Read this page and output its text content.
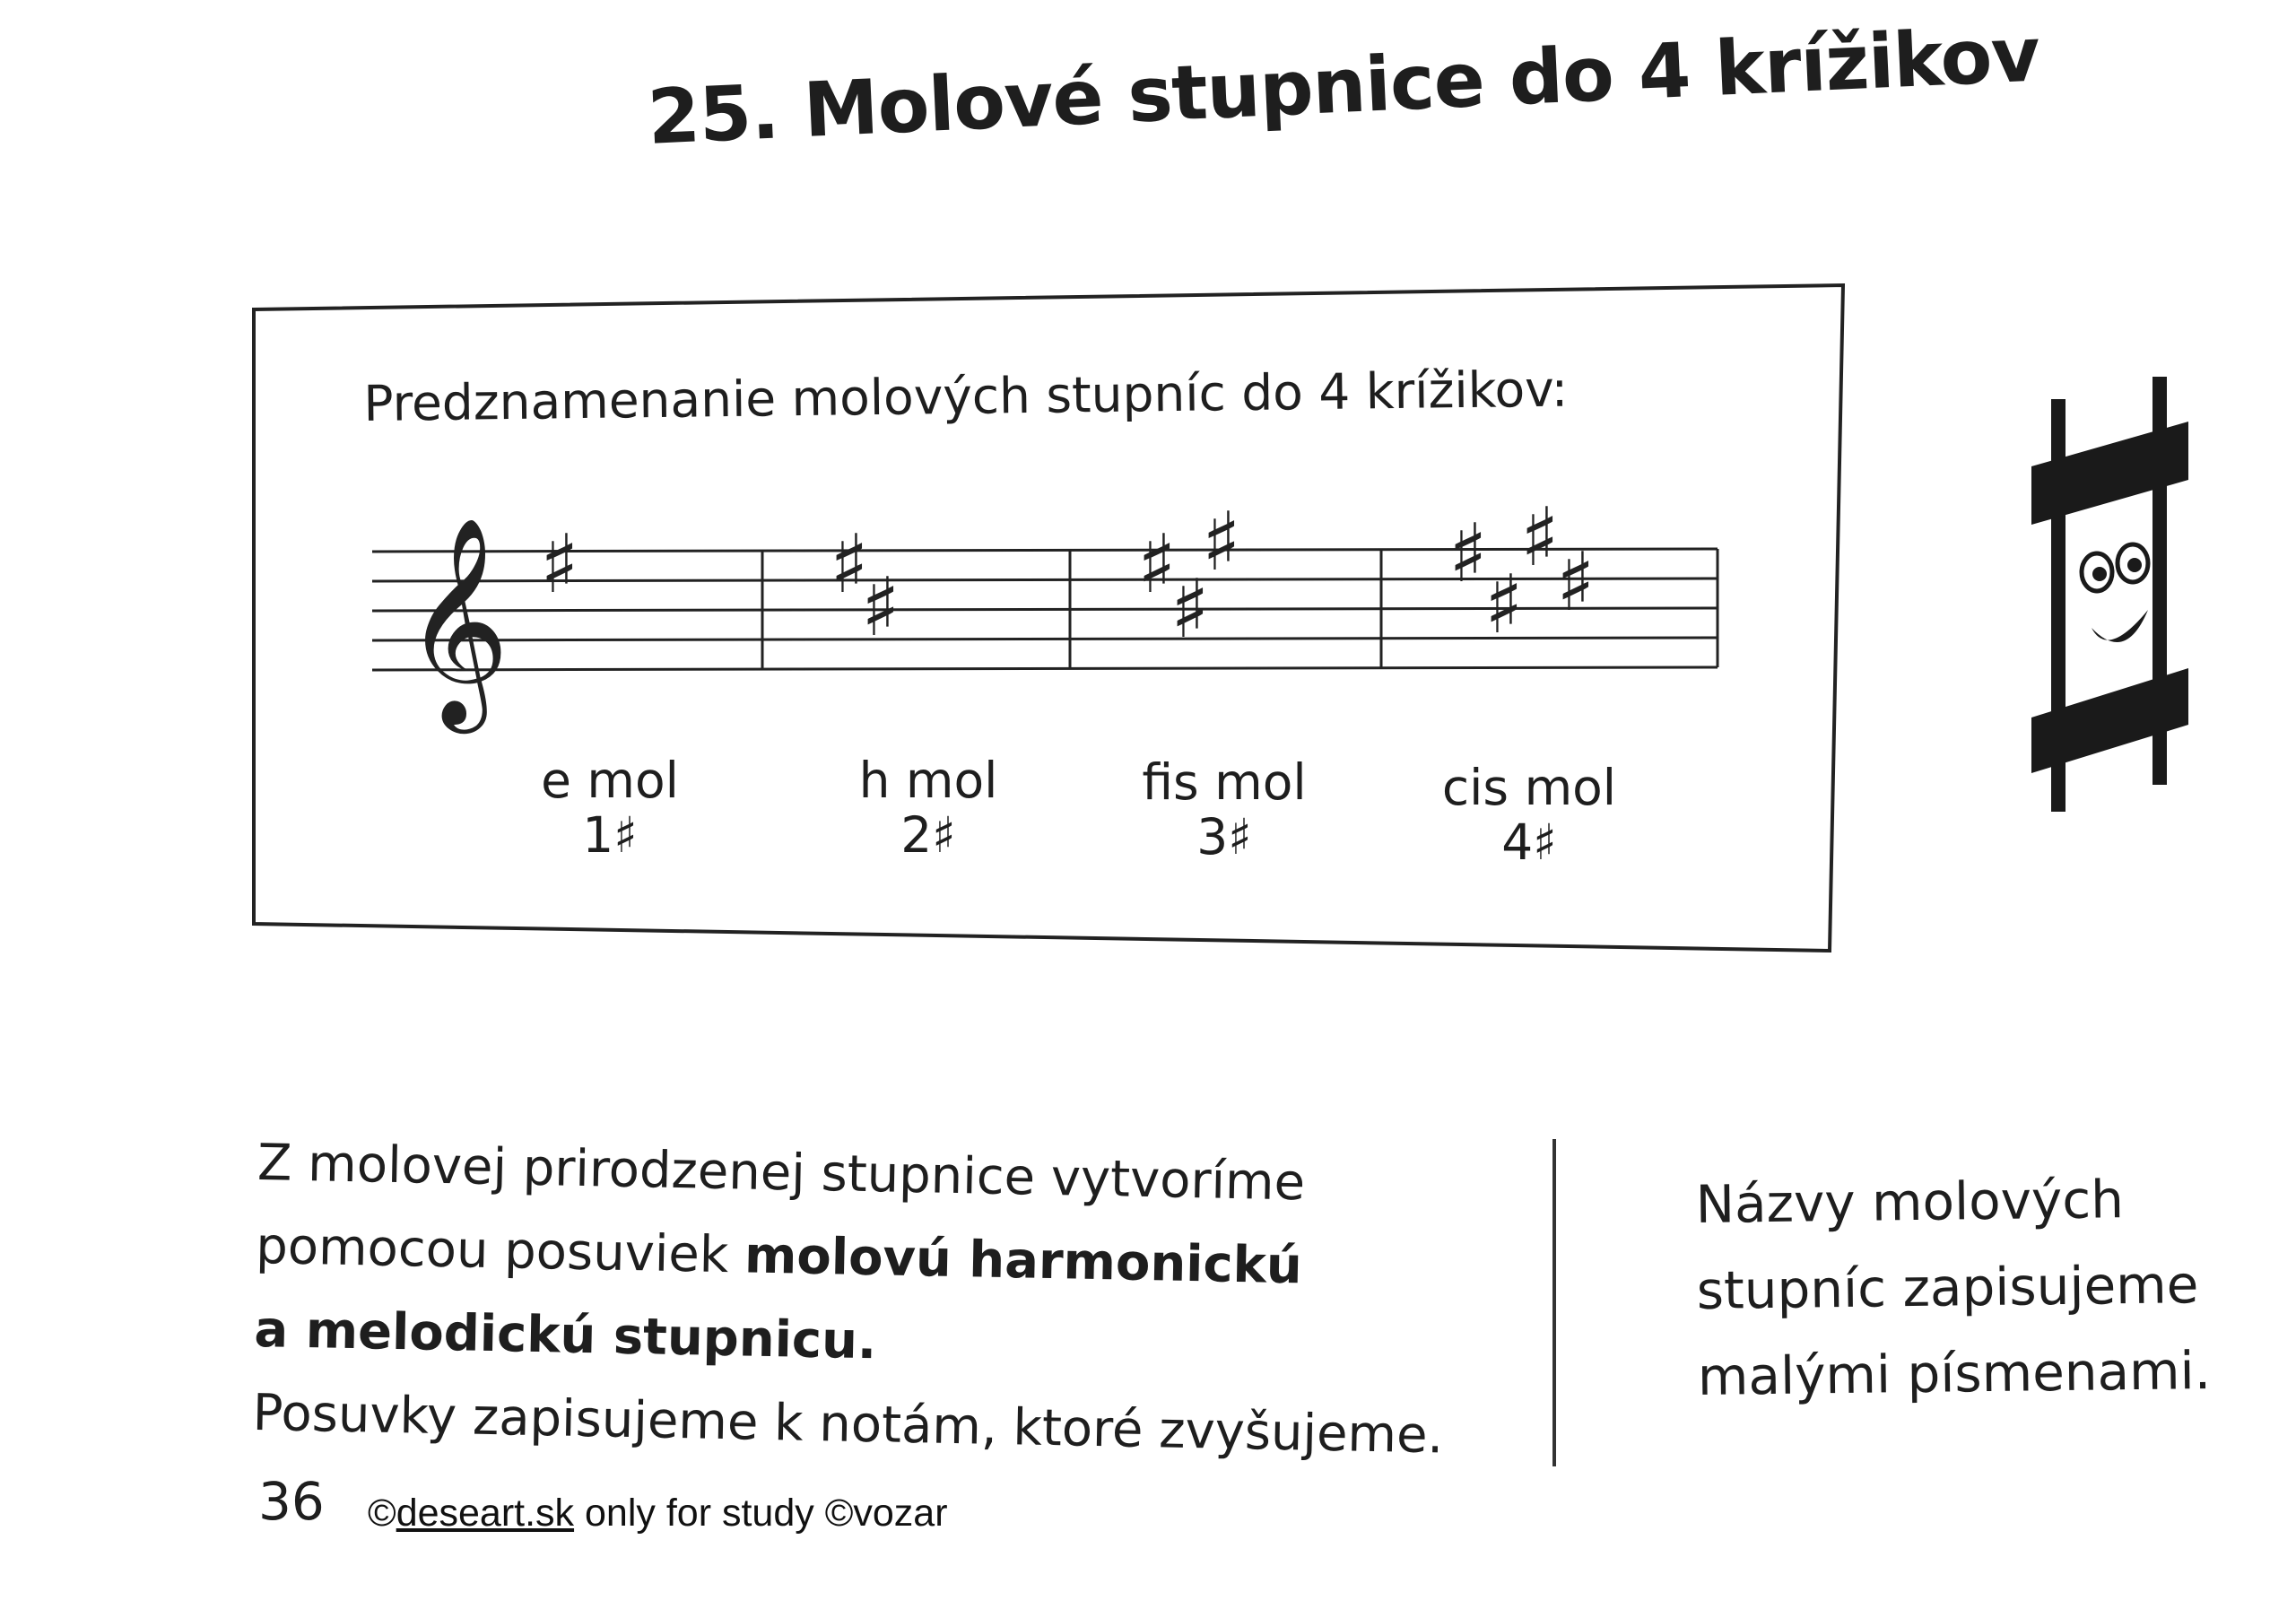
25. Molové stupnice do 4 krížikov
Predznamenanie molových stupníc do 4 krížikov:
𝄞 ♯	♯
♯	♯
♯
♯	♯
♯
♯
♯
e mol
1♯
h mol
2♯
fis mol
3♯
cis mol
4♯

Z molovej prirodzenej stupnice vytvoríme

pomocou posuviek molovú harmonickú

a melodickú stupnicu.

Posuvky zapisujeme k notám, ktoré zvyšujeme.

Názvy molových

stupníc zapisujeme

malými písmenami.

36 ©deseart.sk only for study ©vozar
